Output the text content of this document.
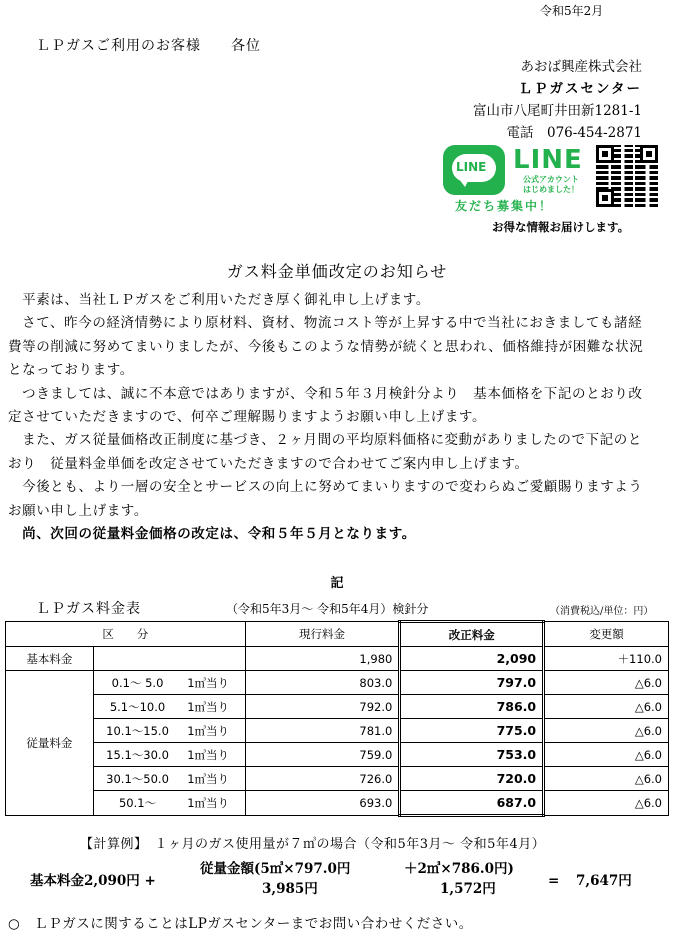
令和5年2月
ＬＰガスご利用のお客様　　各位
あおば興産株式会社
ＬＰガスセンター
富山市八尾町井田新1281-1
電話　076-454-2871
LINE LINE
公式アカウント
はじめました！
友だち募集中！
お得な情報お届けします。
ガス料金単価改定のお知らせ

　平素は、当社ＬＰガスをご利用いただき厚く御礼申し上げます。

　さて、昨今の経済情勢により原材料、資材、物流コスト等が上昇する中で当社におきましても諸経費等の削減に努めてまいりましたが、今後もこのような情勢が続くと思われ、価格維持が困難な状況となっております。

　つきましては、誠に不本意ではありますが、令和５年３月検針分より　基本価格を下記のとおり改定させていただきますので、何卒ご理解賜りますようお願い申し上げます。

　また、ガス従量価格改正制度に基づき、２ヶ月間の平均原料価格に変動がありましたので下記のとおり　従量料金単価を改定させていただきますので合わせてご案内申し上げます。

　今後とも、より一層の安全とサービスの向上に努めてまいりますので変わらぬご愛顧賜りますようお願い申し上げます。

　尚、次回の従量料金価格の改定は、令和５年５月となります。

記
ＬＰガス料金表	（令和5年3月～ 令和5年4月）検針分	（消費税込/単位：円）
区　　分			現行料金	改正料金	変更額
基本料金			1,980	2,090	＋110.0
従量料金	0.1～ 5.0	1㎥当り	803.0	797.0	△6.0
	5.1～10.0	1㎥当り	792.0	786.0	△6.0
	10.1～15.0	1㎥当り	781.0	775.0	△6.0
	15.1～30.0	1㎥当り	759.0	753.0	△6.0
	30.1～50.0	1㎥当り	726.0	720.0	△6.0
	50.1～	1㎥当り	693.0	687.0	△6.0
【計算例】　１ヶ月のガス使用量が７㎥の場合（令和5年3月～ 令和5年4月）
基本料金2,090円 +
従量金額(5㎥×797.0円	＋2㎥×786.0円)
3,985円	1,572円	= 7,647円
○　ＬＰガスに関することはLPガスセンターまでお問い合わせください。
